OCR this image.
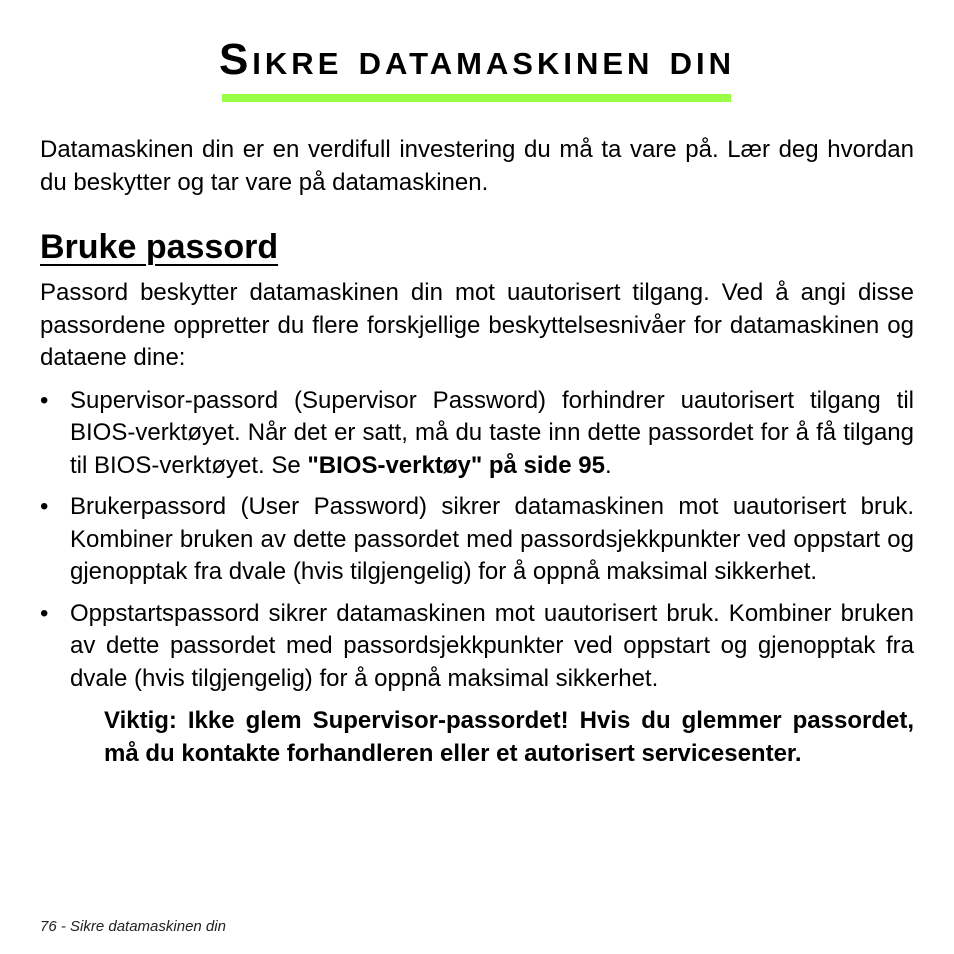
Sikre datamaskinen din

Datamaskinen din er en verdifull investering du må ta vare på. Lær deg hvordan du beskytter og tar vare på datamaskinen.

Bruke passord

Passord beskytter datamaskinen din mot uautorisert tilgang. Ved å angi disse passordene oppretter du flere forskjellige beskyttelsesnivåer for datamaskinen og dataene dine:

• Supervisor-passord (Supervisor Password) forhindrer uautorisert tilgang til BIOS-verktøyet. Når det er satt, må du taste inn dette passordet for å få tilgang til BIOS-verktøyet. Se "BIOS-verktøy" på side 95.
• Brukerpassord (User Password) sikrer datamaskinen mot uautorisert bruk. Kombiner bruken av dette passordet med passordsjekkpunkter ved oppstart og gjenopptak fra dvale (hvis tilgjengelig) for å oppnå maksimal sikkerhet.
• Oppstartspassord sikrer datamaskinen mot uautorisert bruk. Kombiner bruken av dette passordet med passordsjekkpunkter ved oppstart og gjenopptak fra dvale (hvis tilgjengelig) for å oppnå maksimal sikkerhet.

Viktig: Ikke glem Supervisor-passordet! Hvis du glemmer passordet, må du kontakte forhandleren eller et autorisert servicesenter.

76 - Sikre datamaskinen din
